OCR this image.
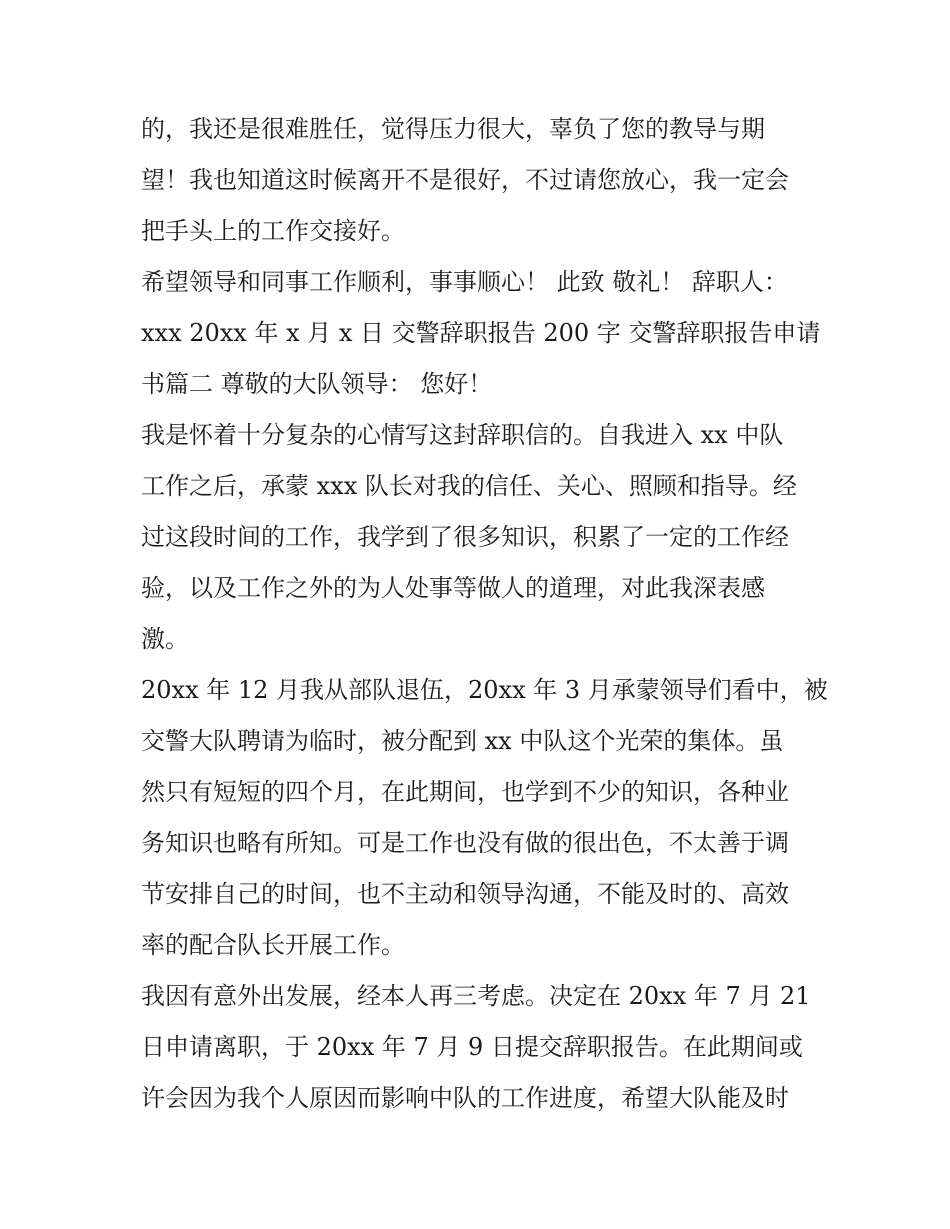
的，我还是很难胜任，觉得压力很大，辜负了您的教导与期
望！我也知道这时候离开不是很好，不过请您放心，我一定会
把手头上的工作交接好。
希望领导和同事工作顺利，事事顺心！ 此致 敬礼！ 辞职人：
xxx 20xx 年 x 月 x 日 交警辞职报告 200 字 交警辞职报告申请
书篇二 尊敬的大队领导： 您好！
我是怀着十分复杂的心情写这封辞职信的。自我进入 xx 中队
工作之后，承蒙 xxx 队长对我的信任、关心、照顾和指导。经
过这段时间的工作，我学到了很多知识，积累了一定的工作经
验，以及工作之外的为人处事等做人的道理，对此我深表感
激。
20xx 年 12 月我从部队退伍，20xx 年 3 月承蒙领导们看中，被
交警大队聘请为临时，被分配到 xx 中队这个光荣的集体。虽
然只有短短的四个月，在此期间，也学到不少的知识，各种业
务知识也略有所知。可是工作也没有做的很出色，不太善于调
节安排自己的时间，也不主动和领导沟通，不能及时的、高效
率的配合队长开展工作。
我因有意外出发展，经本人再三考虑。决定在 20xx 年 7 月 21
日申请离职，于 20xx 年 7 月 9 日提交辞职报告。在此期间或
许会因为我个人原因而影响中队的工作进度，希望大队能及时
